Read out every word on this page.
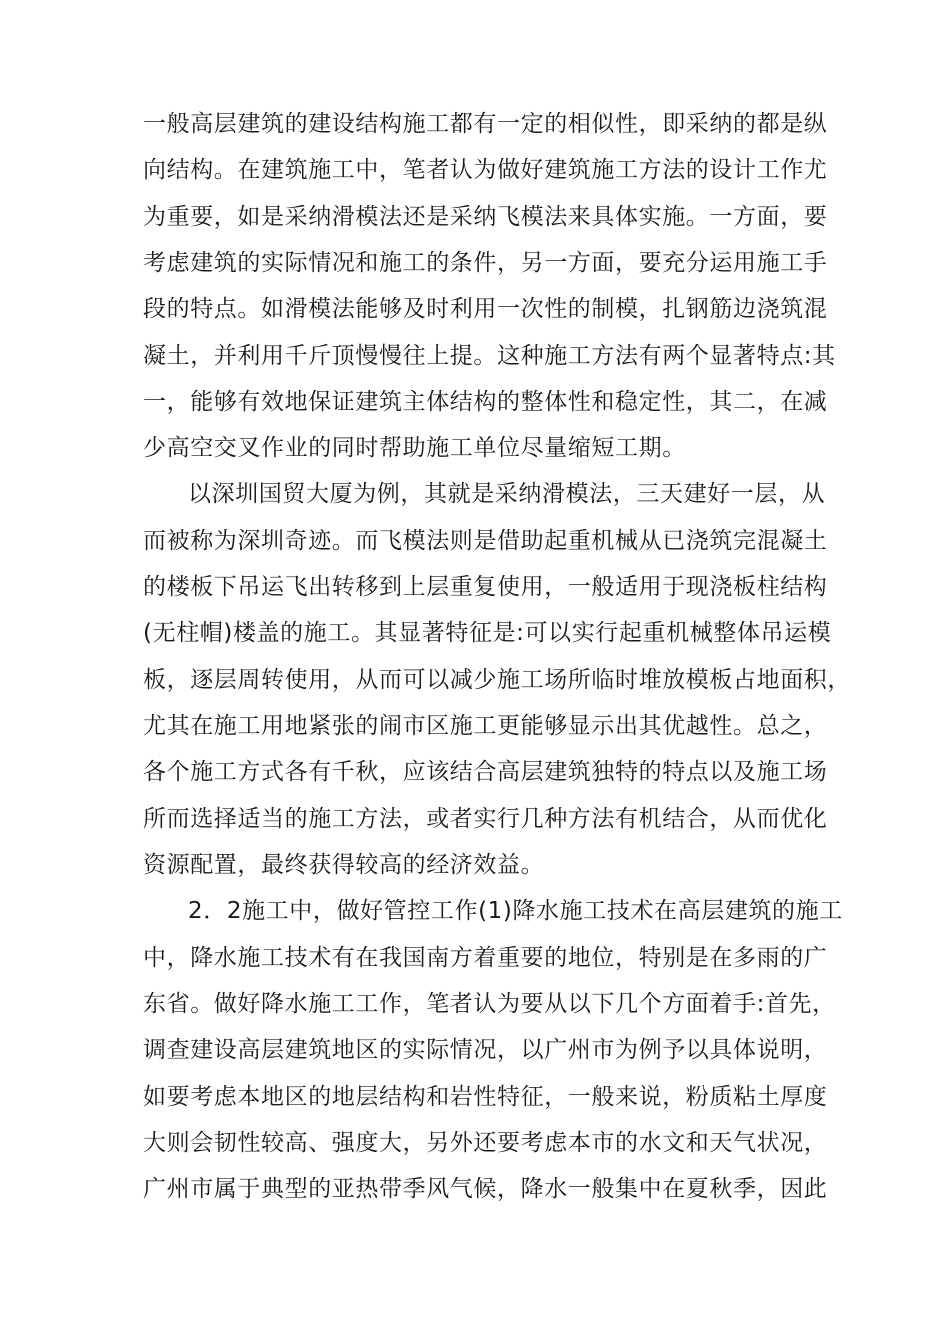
一般高层建筑的建设结构施工都有一定的相似性，即采纳的都是纵
向结构。在建筑施工中，笔者认为做好建筑施工方法的设计工作尤
为重要，如是采纳滑模法还是采纳飞模法来具体实施。一方面，要
考虑建筑的实际情况和施工的条件，另一方面，要充分运用施工手
段的特点。如滑模法能够及时利用一次性的制模，扎钢筋边浇筑混
凝土，并利用千斤顶慢慢往上提。这种施工方法有两个显著特点:其
一，能够有效地保证建筑主体结构的整体性和稳定性，其二，在减
少高空交叉作业的同时帮助施工单位尽量缩短工期。
以深圳国贸大厦为例，其就是采纳滑模法，三天建好一层，从
而被称为深圳奇迹。而飞模法则是借助起重机械从已浇筑完混凝土
的楼板下吊运飞出转移到上层重复使用，一般适用于现浇板柱结构
(无柱帽)楼盖的施工。其显著特征是:可以实行起重机械整体吊运模
板，逐层周转使用，从而可以减少施工场所临时堆放模板占地面积，
尤其在施工用地紧张的闹市区施工更能够显示出其优越性。总之，
各个施工方式各有千秋，应该结合高层建筑独特的特点以及施工场
所而选择适当的施工方法，或者实行几种方法有机结合，从而优化
资源配置，最终获得较高的经济效益。
2．2施工中，做好管控工作(1)降水施工技术在高层建筑的施工
中，降水施工技术有在我国南方着重要的地位，特别是在多雨的广
东省。做好降水施工工作，笔者认为要从以下几个方面着手:首先，
调查建设高层建筑地区的实际情况，以广州市为例予以具体说明，
如要考虑本地区的地层结构和岩性特征，一般来说，粉质粘土厚度
大则会韧性较高、强度大，另外还要考虑本市的水文和天气状况，
广州市属于典型的亚热带季风气候，降水一般集中在夏秋季，因此
